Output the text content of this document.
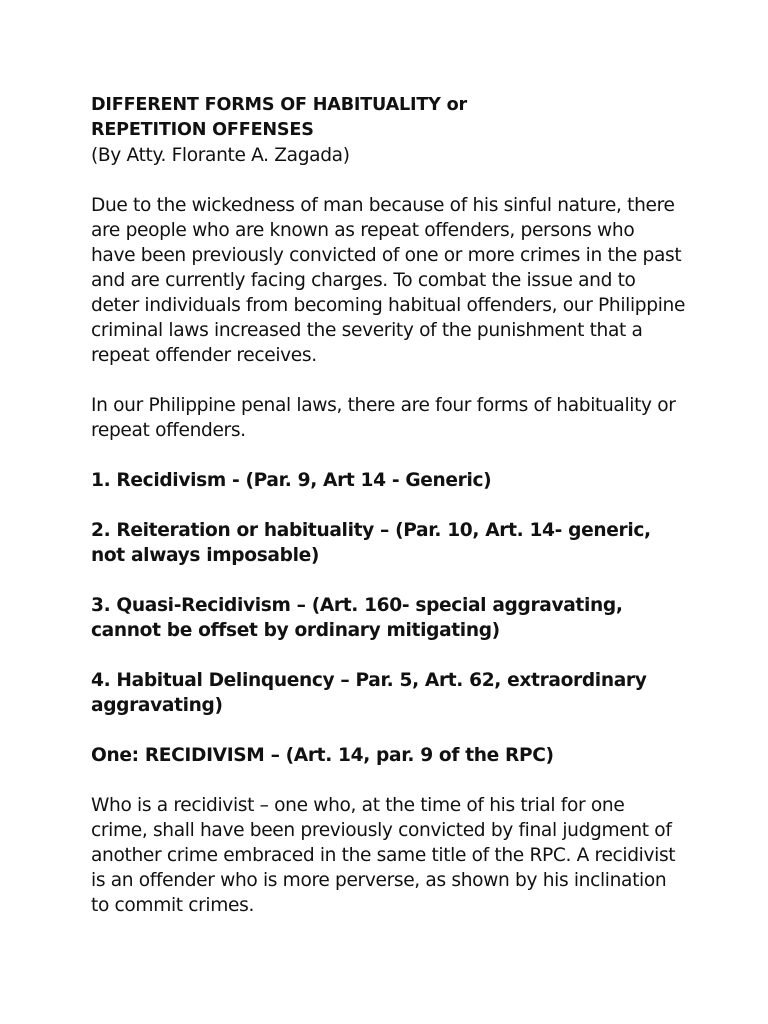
DIFFERENT FORMS OF HABITUALITY or
REPETITION OFFENSES

(By Atty. Florante A. Zagada)

Due to the wickedness of man because of his sinful nature, there
are people who are known as repeat offenders, persons who
have been previously convicted of one or more crimes in the past
and are currently facing charges. To combat the issue and to
deter individuals from becoming habitual offenders, our Philippine
criminal laws increased the severity of the punishment that a
repeat offender receives.

In our Philippine penal laws, there are four forms of habituality or
repeat offenders.

1. Recidivism - (Par. 9, Art 14 - Generic)

2. Reiteration or habituality – (Par. 10, Art. 14- generic,
not always imposable)

3. Quasi-Recidivism – (Art. 160- special aggravating,
cannot be offset by ordinary mitigating)

4. Habitual Delinquency – Par. 5, Art. 62, extraordinary
aggravating)

One: RECIDIVISM – (Art. 14, par. 9 of the RPC)

Who is a recidivist – one who, at the time of his trial for one
crime, shall have been previously convicted by final judgment of
another crime embraced in the same title of the RPC. A recidivist
is an offender who is more perverse, as shown by his inclination
to commit crimes.
